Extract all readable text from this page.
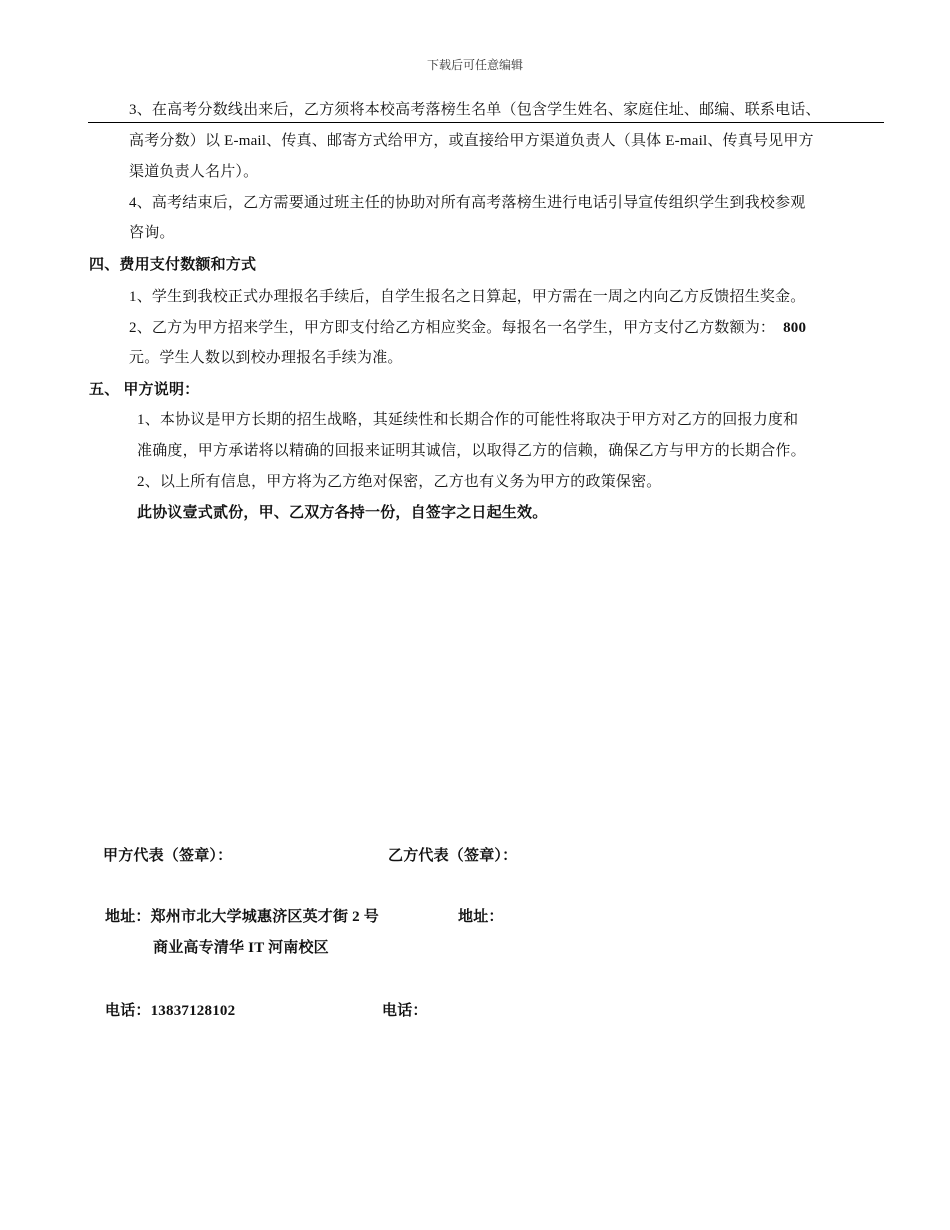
下载后可任意编辑
3、在高考分数线出来后，乙方须将本校高考落榜生名单（包含学生姓名、家庭住址、邮编、联系电话、
高考分数）以 E-mail、传真、邮寄方式给甲方，或直接给甲方渠道负责人（具体 E-mail、传真号见甲方
渠道负责人名片）。
4、高考结束后，乙方需要通过班主任的协助对所有高考落榜生进行电话引导宣传组织学生到我校参观
咨询。
四、费用支付数额和方式
1、学生到我校正式办理报名手续后，自学生报名之日算起，甲方需在一周之内向乙方反馈招生奖金。
2、乙方为甲方招来学生，甲方即支付给乙方相应奖金。每报名一名学生，甲方支付乙方数额为： 800
元。学生人数以到校办理报名手续为准。
五、 甲方说明：
1、本协议是甲方长期的招生战略，其延续性和长期合作的可能性将取决于甲方对乙方的回报力度和
准确度，甲方承诺将以精确的回报来证明其诚信，以取得乙方的信赖，确保乙方与甲方的长期合作。
2、以上所有信息，甲方将为乙方绝对保密，乙方也有义务为甲方的政策保密。
此协议壹式贰份，甲、乙双方各持一份，自签字之日起生效。
甲方代表（签章）：	乙方代表（签章）：
地址：郑州市北大学城惠济区英才街 2 号	地址：
商业高专清华 IT 河南校区
电话：13837128102	电话：
